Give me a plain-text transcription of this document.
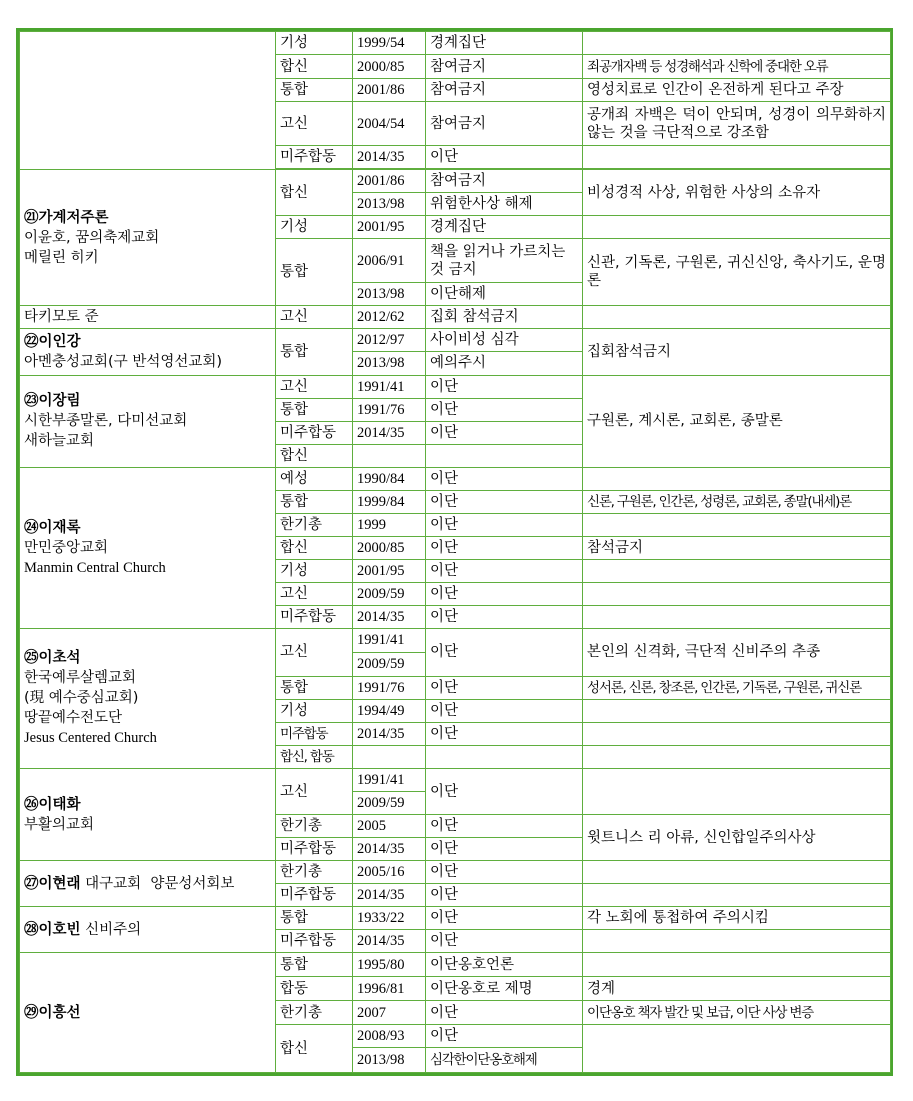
	기성	1999/54	경계집단	
	합신	2000/85	참여금지	죄공개자백 등 성경해석과 신학에 중대한 오류
	통합	2001/86	참여금지	영성치료로 인간이 온전하게 된다고 주장
	고신	2004/54	참여금지	공개죄 자백은 덕이 안되며, 성경이 의무화하지 않는 것을 극단적으로 강조함
	미주합동	2014/35	이단	

㉑가계저주론
이윤호, 꿈의축제교회
메릴린 히키	합신	2001/86	참여금지	비성경적 사상, 위험한 사상의 소유자
		2013/98	위험한사상 해제	
	기성	2001/95	경계집단	
	통합	2006/91	책을 읽거나 가르치는 것 금지	신관, 기독론, 구원론, 귀신신앙, 축사기도, 운명론
		2013/98	이단해제	
타키모토 준	고신	2012/62	집회 참석금지	
㉒이인강
아멘충성교회(구 반석영선교회)	통합	2012/97	사이비성 심각	집회참석금지
		2013/98	예의주시	
㉓이장림
시한부종말론, 다미선교회
새하늘교회	고신	1991/41	이단	구원론, 계시론, 교회론, 종말론
	통합	1991/76	이단	
	미주합동	2014/35	이단	
	합신			
㉔이재록
만민중앙교회
Manmin Central Church	예성	1990/84	이단	
	통합	1999/84	이단	신론, 구원론, 인간론, 성령론, 교회론, 종말(내세)론
	한기총	1999	이단	
	합신	2000/85	이단	참석금지
	기성	2001/95	이단	
	고신	2009/59	이단	
	미주합동	2014/35	이단	
㉕이초석
한국예루살렘교회
(現 예수중심교회)
땅끝예수전도단
Jesus Centered Church	고신	1991/41	이단	본인의 신격화, 극단적 신비주의 추종
		2009/59		
	통합	1991/76	이단	성서론, 신론, 창조론, 인간론, 기독론, 구원론, 귀신론
	기성	1994/49	이단	
	미주합동	2014/35	이단	
	합신, 합동			
㉖이태화
부활의교회	고신	1991/41	이단	
		2009/59		
	한기총	2005	이단	윗트니스 리 아류, 신인합일주의사상
	미주합동	2014/35	이단	
㉗이현래 대구교회  양문성서회보	한기총	2005/16	이단	
	미주합동	2014/35	이단	
㉘이호빈 신비주의	통합	1933/22	이단	각 노회에 통첩하여 주의시킴
	미주합동	2014/35	이단	
㉙이흥선	통합	1995/80	이단옹호언론	
	합동	1996/81	이단옹호로 제명	경계
	한기총	2007	이단	이단옹호 책자 발간 및 보급, 이단 사상 변증
	합신	2008/93	이단	
		2013/98	심각한이단옹호해제	
